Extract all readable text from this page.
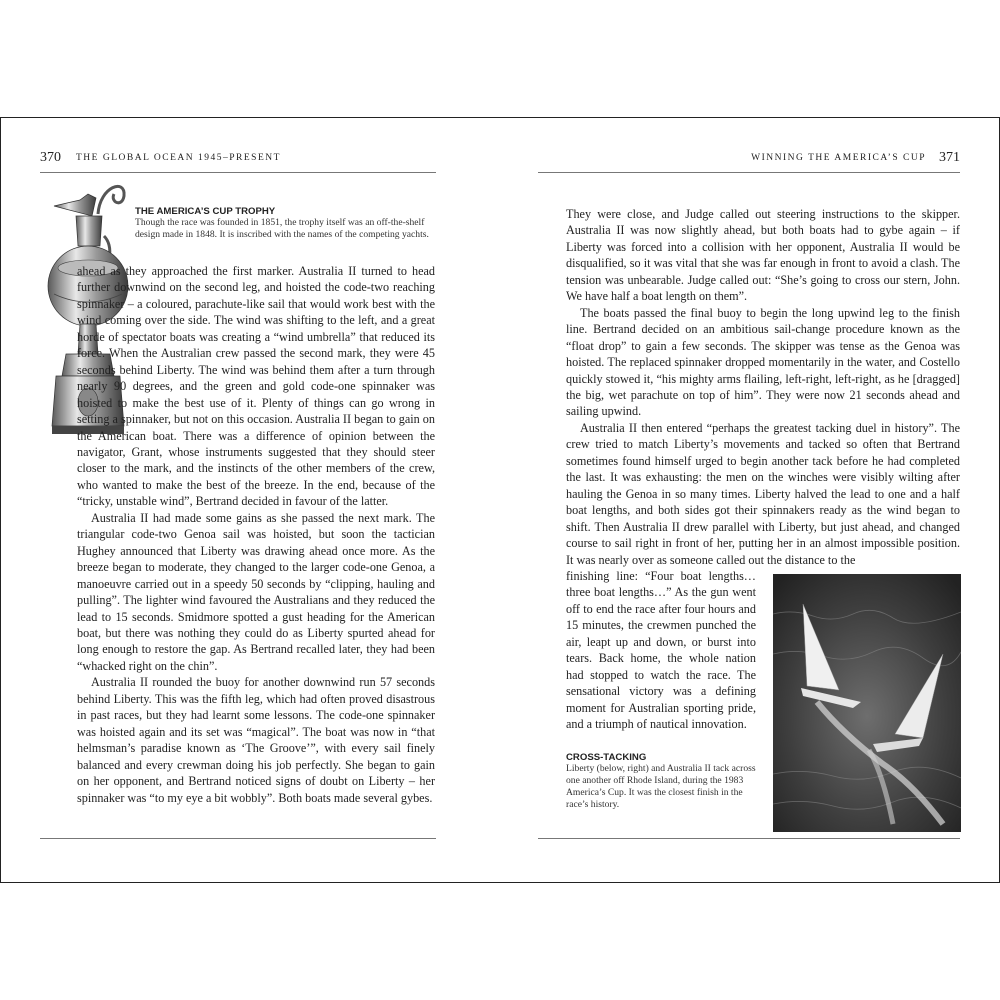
370 THE GLOBAL OCEAN 1945–PRESENT

THE AMERICA’S CUP TROPHY

Though the race was founded in 1851, the trophy itself was an off-the-shelf design made in 1848. It is inscribed with the names of the competing yachts.

ahead as they approached the first marker. Australia II turned to head further downwind on the second leg, and hoisted the code-two reaching spinnaker – a coloured, parachute-like sail that would work best with the wind coming over the side. The wind was shifting to the left, and a great horde of spectator boats was creating a “wind umbrella” that reduced its force. When the Australian crew passed the second mark, they were 45 seconds behind Liberty. The wind was behind them after a turn through nearly 90 degrees, and the green and gold code-one spinnaker was hoisted to make the best use of it. Plenty of things can go wrong in setting a spinnaker, but not on this occasion. Australia II began to gain on the American boat. There was a difference of opinion between the navigator, Grant, whose instruments suggested that they should steer closer to the mark, and the instincts of the other members of the crew, who wanted to make the best of the breeze. In the end, because of the “tricky, unstable wind”, Bertrand decided in favour of the latter.

Australia II had made some gains as she passed the next mark. The triangular code-two Genoa sail was hoisted, but soon the tactician Hughey announced that Liberty was drawing ahead once more. As the breeze began to moderate, they changed to the larger code-one Genoa, a manoeuvre carried out in a speedy 50 seconds by “clipping, hauling and pulling”. The lighter wind favoured the Australians and they reduced the lead to 15 seconds. Smidmore spotted a gust heading for the American boat, but there was nothing they could do as Liberty spurted ahead for long enough to restore the gap. As Bertrand recalled later, they had been “whacked right on the chin”.

Australia II rounded the buoy for another downwind run 57 seconds behind Liberty. This was the fifth leg, which had often proved disastrous in past races, but they had learnt some lessons. The code-one spinnaker was hoisted again and its set was “magical”. The boat was now in “that helmsman’s paradise known as ‘The Groove’”, with every sail finely balanced and every crewman doing his job perfectly. She began to gain on her opponent, and Bertrand noticed signs of doubt on Liberty – her spinnaker was “to my eye a bit wobbly”. Both boats made several gybes.

WINNING THE AMERICA’S CUP 371

They were close, and Judge called out steering instructions to the skipper. Australia II was now slightly ahead, but both boats had to gybe again – if Liberty was forced into a collision with her opponent, Australia II would be disqualified, so it was vital that she was far enough in front to avoid a clash. The tension was unbearable. Judge called out: “She’s going to cross our stern, John. We have half a boat length on them”.

The boats passed the final buoy to begin the long upwind leg to the finish line. Bertrand decided on an ambitious sail-change procedure known as the “float drop” to gain a few seconds. The skipper was tense as the Genoa was hoisted. The replaced spinnaker dropped momentarily in the water, and Costello quickly stowed it, “his mighty arms flailing, left-right, left-right, as he [dragged] the big, wet parachute on top of him”. They were now 21 seconds ahead and sailing upwind.

Australia II then entered “perhaps the greatest tacking duel in history”. The crew tried to match Liberty’s movements and tacked so often that Bertrand sometimes found himself urged to begin another tack before he had completed the last. It was exhausting: the men on the winches were visibly wilting after hauling the Genoa in so many times. Liberty halved the lead to one and a half boat lengths, and both sides got their spinnakers ready as the wind began to shift. Then Australia II drew parallel with Liberty, but just ahead, and changed course to sail right in front of her, putting her in an almost impossible position. It was nearly over as someone called out the distance to the

finishing line: “Four boat lengths… three boat lengths…” As the gun went off to end the race after four hours and 15 minutes, the crewmen punched the air, leapt up and down, or burst into tears. Back home, the whole nation had stopped to watch the race. The sensational victory was a defining moment for Australian sporting pride, and a triumph of nautical innovation.

CROSS-TACKING

Liberty (below, right) and Australia II tack across one another off Rhode Island, during the 1983 America’s Cup. It was the closest finish in the race’s history.
